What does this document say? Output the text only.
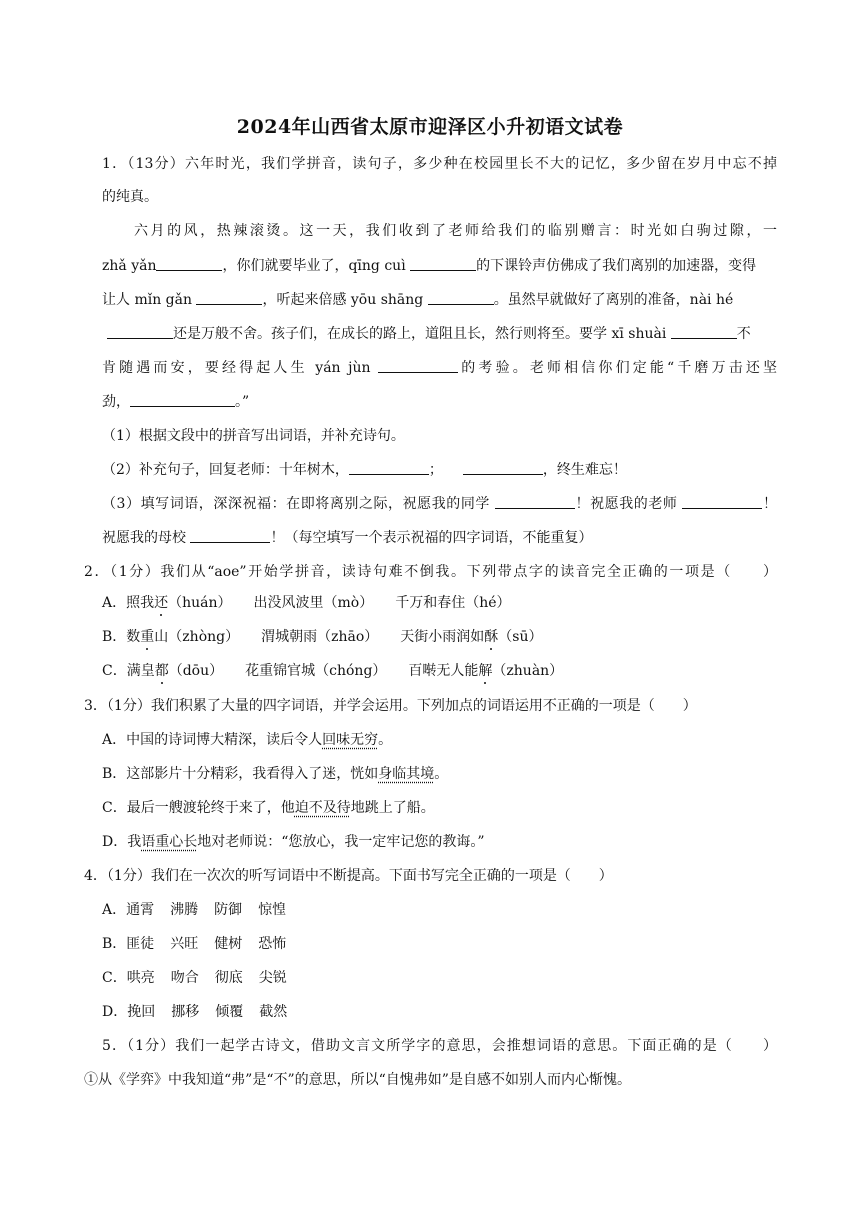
2024年山西省太原市迎泽区小升初语文试卷
1．（13分）六年时光，我们学拼音，读句子，多少种在校园里长不大的记忆，多少留在岁月中忘不掉
的纯真。
六月的风，热辣滚烫。这一天，我们收到了老师给我们的临别赠言：时光如白驹过隙，一
zhǎ yǎn	，你们就要毕业了，qīng cuì	的下课铃声仿佛成了我们离别的加速器，变得
让人 mǐn gǎn	，听起来倍感 yōu shāng	。虽然早就做好了离别的准备，nài hé
还是万般不舍。孩子们，在成长的路上，道阻且长，然行则将至。要学 xī shuài	不
肯随遇而安，要经得起人生 yán jùn	的考验。老师相信你们定能“千磨万击还坚
劲，	。”
（1）根据文段中的拼音写出词语，并补充诗句。
（2）补充句子，回复老师：十年树木，	；	，终生难忘！
（3）填写词语，深深祝福：在即将离别之际，祝愿我的同学	！祝愿我的老师	！
祝愿我的母校	！（每空填写一个表示祝福的四字词语，不能重复）
2．（1分）我们从“aoe”开始学拼音，读诗句难不倒我。下列带点字的读音完全正确的一项是（　　）
A．照我还（huán） 出没风波里（mò） 千万和春住（hé）
B．数重山（zhòng） 渭城朝雨（zhāo） 天街小雨润如酥（sū）
C．满皇都（dōu） 花重锦官城（chóng） 百啭无人能解（zhuàn）
3．（1分）我们积累了大量的四字词语，并学会运用。下列加点的词语运用不正确的一项是（　　）
A．中国的诗词博大精深，读后令人回味无穷。
B．这部影片十分精彩，我看得入了迷，恍如身临其境。
C．最后一艘渡轮终于来了，他迫不及待地跳上了船。
D．我语重心长地对老师说：“您放心，我一定牢记您的教诲。”
4．（1分）我们在一次次的听写词语中不断提高。下面书写完全正确的一项是（　　）
A．通霄 沸腾 防御 惊惶
B．匪徒 兴旺 健树 恐怖
C．哄亮 吻合 彻底 尖锐
D．挽回 挪移 倾覆 截然
5．（1分）我们一起学古诗文，借助文言文所学字的意思，会推想词语的意思。下面正确的是（　　）
①从《学弈》中我知道“弗”是“不”的意思，所以“自愧弗如”是自感不如别人而内心惭愧。
